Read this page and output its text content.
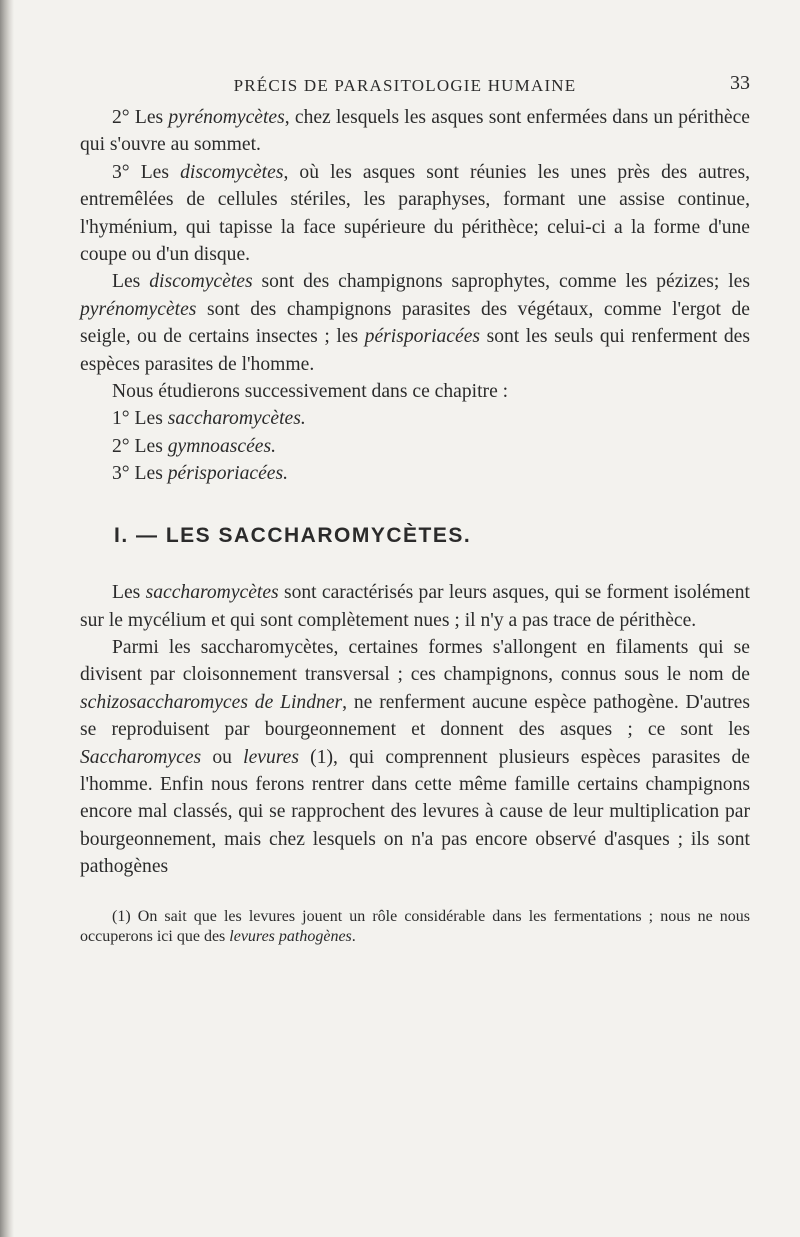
PRÉCIS DE PARASITOLOGIE HUMAINE	33

2° Les pyrénomycètes, chez lesquels les asques sont enfermées dans un périthèce qui s'ouvre au sommet.

3° Les discomycètes, où les asques sont réunies les unes près des autres, entremêlées de cellules stériles, les paraphyses, formant une assise continue, l'hyménium, qui tapisse la face supérieure du périthèce; celui-ci a la forme d'une coupe ou d'un disque.

Les discomycètes sont des champignons saprophytes, comme les pézizes; les pyrénomycètes sont des champignons parasites des végétaux, comme l'ergot de seigle, ou de certains insectes ; les périsporiacées sont les seuls qui renferment des espèces parasites de l'homme.

Nous étudierons successivement dans ce chapitre :

1° Les saccharomycètes.

2° Les gymnoascées.

3° Les périsporiacées.

I. — LES SACCHAROMYCÈTES.

Les saccharomycètes sont caractérisés par leurs asques, qui se forment isolément sur le mycélium et qui sont complètement nues ; il n'y a pas trace de périthèce.

Parmi les saccharomycètes, certaines formes s'allongent en filaments qui se divisent par cloisonnement transversal ; ces champignons, connus sous le nom de schizosaccharomyces de Lindner, ne renferment aucune espèce pathogène. D'autres se reproduisent par bourgeonnement et donnent des asques ; ce sont les Saccharomyces ou levures (1), qui comprennent plusieurs espèces parasites de l'homme. Enfin nous ferons rentrer dans cette même famille certains champignons encore mal classés, qui se rapprochent des levures à cause de leur multiplication par bourgeonnement, mais chez lesquels on n'a pas encore observé d'asques ; ils sont pathogènes

(1) On sait que les levures jouent un rôle considérable dans les fermentations ; nous ne nous occuperons ici que des levures pathogènes.
